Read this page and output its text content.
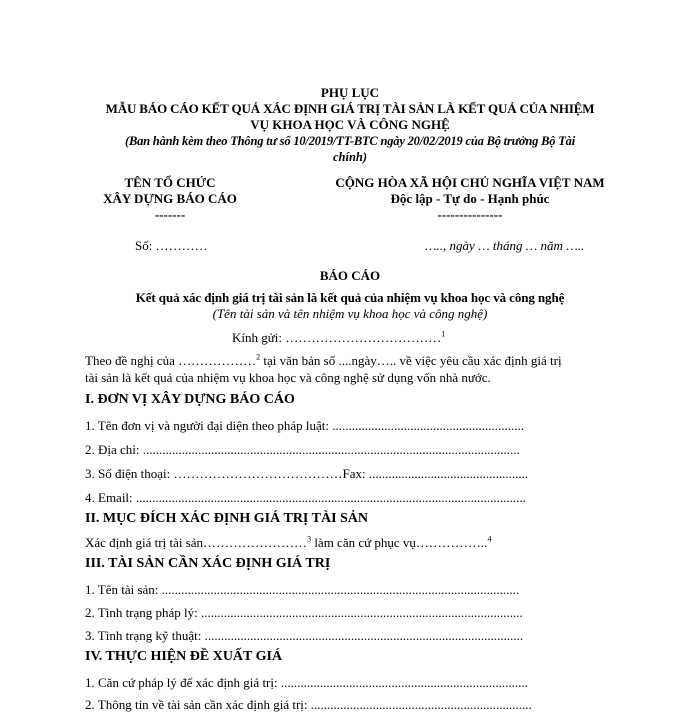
PHỤ LỤC
MẪU BÁO CÁO KẾT QUẢ XÁC ĐỊNH GIÁ TRỊ TÀI SẢN LÀ KẾT QUẢ CỦA NHIỆM
VỤ KHOA HỌC VÀ CÔNG NGHỆ
(Ban hành kèm theo Thông tư số 10/2019/TT-BTC ngày 20/02/2019 của Bộ trưởng Bộ Tài
chính)
TÊN TỔ CHỨC
XÂY DỰNG BÁO CÁO
-------
CỘNG HÒA XÃ HỘI CHỦ NGHĨA VIỆT NAM
Độc lập - Tự do - Hạnh phúc
---------------
Số: …………	….., ngày … tháng … năm …..
BÁO CÁO
Kết quả xác định giá trị tài sản là kết quả của nhiệm vụ khoa học và công nghệ
(Tên tài sản và tên nhiệm vụ khoa học và công nghệ)
Kính gửi: ………………………………$^1$
Theo đề nghị của ………………$^2$ tại văn bản số ....ngày….. về việc yêu cầu xác định giá trị
tài sản là kết quả của nhiệm vụ khoa học và công nghệ sử dụng vốn nhà nước.
I. ĐƠN VỊ XÂY DỰNG BÁO CÁO
1. Tên đơn vị và người đại diện theo pháp luật: ...........................................................
2. Địa chỉ: ....................................................................................................................
3. Số điện thoại: …………………………………Fax: .................................................
4. Email: ........................................................................................................................
II. MỤC ĐÍCH XÁC ĐỊNH GIÁ TRỊ TÀI SẢN
Xác định giá trị tài sản……………………$^3$ làm căn cứ phục vụ……………..$^4$
III. TÀI SẢN CẦN XÁC ĐỊNH GIÁ TRỊ
1. Tên tài sản: ..............................................................................................................
2. Tình trạng pháp lý: ...................................................................................................
3. Tình trạng kỹ thuật: ..................................................................................................
IV. THỰC HIỆN ĐỀ XUẤT GIÁ
1. Căn cứ pháp lý để xác định giá trị: ............................................................................
2. Thông tin về tài sản cần xác định giá trị: ....................................................................
